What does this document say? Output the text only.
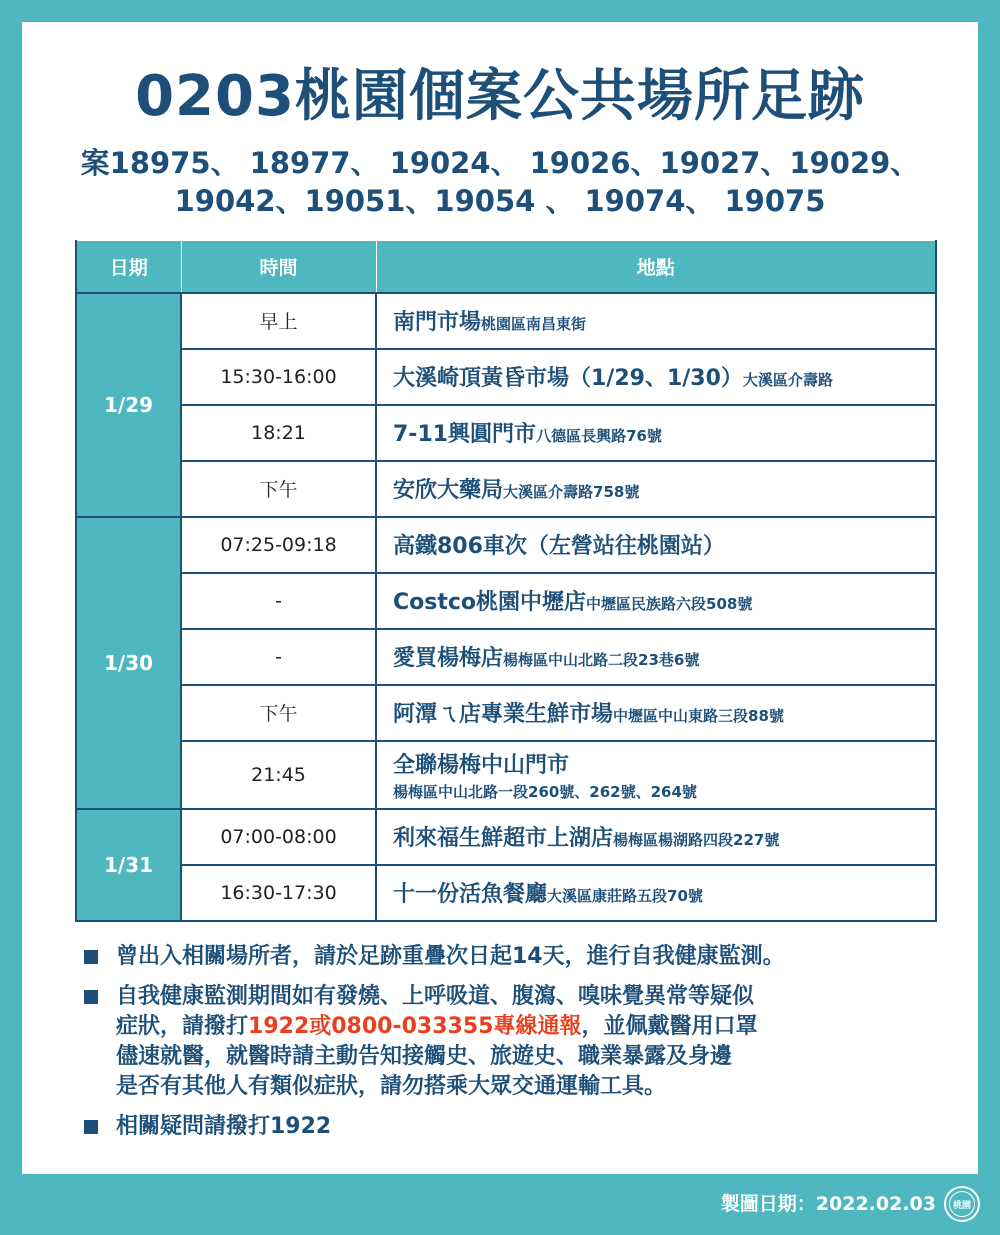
0203桃園個案公共場所足跡
案18975、 18977、 19024、 19026、19027、19029、
19042、19051、19054 、 19074、 19075
日期	時間	地點
1/29	早上	南門市場桃園區南昌東街
	15:30-16:00	大溪崎頂黃昏市場（1/29、1/30）大溪區介壽路
	18:21	7-11興圓門市八德區長興路76號
	下午	安欣大藥局大溪區介壽路758號
1/30	07:25-09:18	高鐵806車次（左營站往桃園站）
	-	Costco桃園中壢店中壢區民族路六段508號
	-	愛買楊梅店楊梅區中山北路二段23巷6號
	下午	阿潭ㄟ店專業生鮮市場中壢區中山東路三段88號
	21:45	全聯楊梅中山門市
楊梅區中山北路一段260號、262號、264號

1/31	07:00-08:00	利來福生鮮超市上湖店楊梅區楊湖路四段227號
	16:30-17:30	十一份活魚餐廳大溪區康莊路五段70號
曾出入相關場所者，請於足跡重疊次日起14天，進行自我健康監測。
自我健康監測期間如有發燒、上呼吸道、腹瀉、嗅味覺異常等疑似
症狀，請撥打1922或0800-033355專線通報，並佩戴醫用口罩
儘速就醫，就醫時請主動告知接觸史、旅遊史、職業暴露及身邊
是否有其他人有類似症狀，請勿搭乘大眾交通運輸工具。
相關疑問請撥打1922
製圖日期：2022.02.03	桃園
